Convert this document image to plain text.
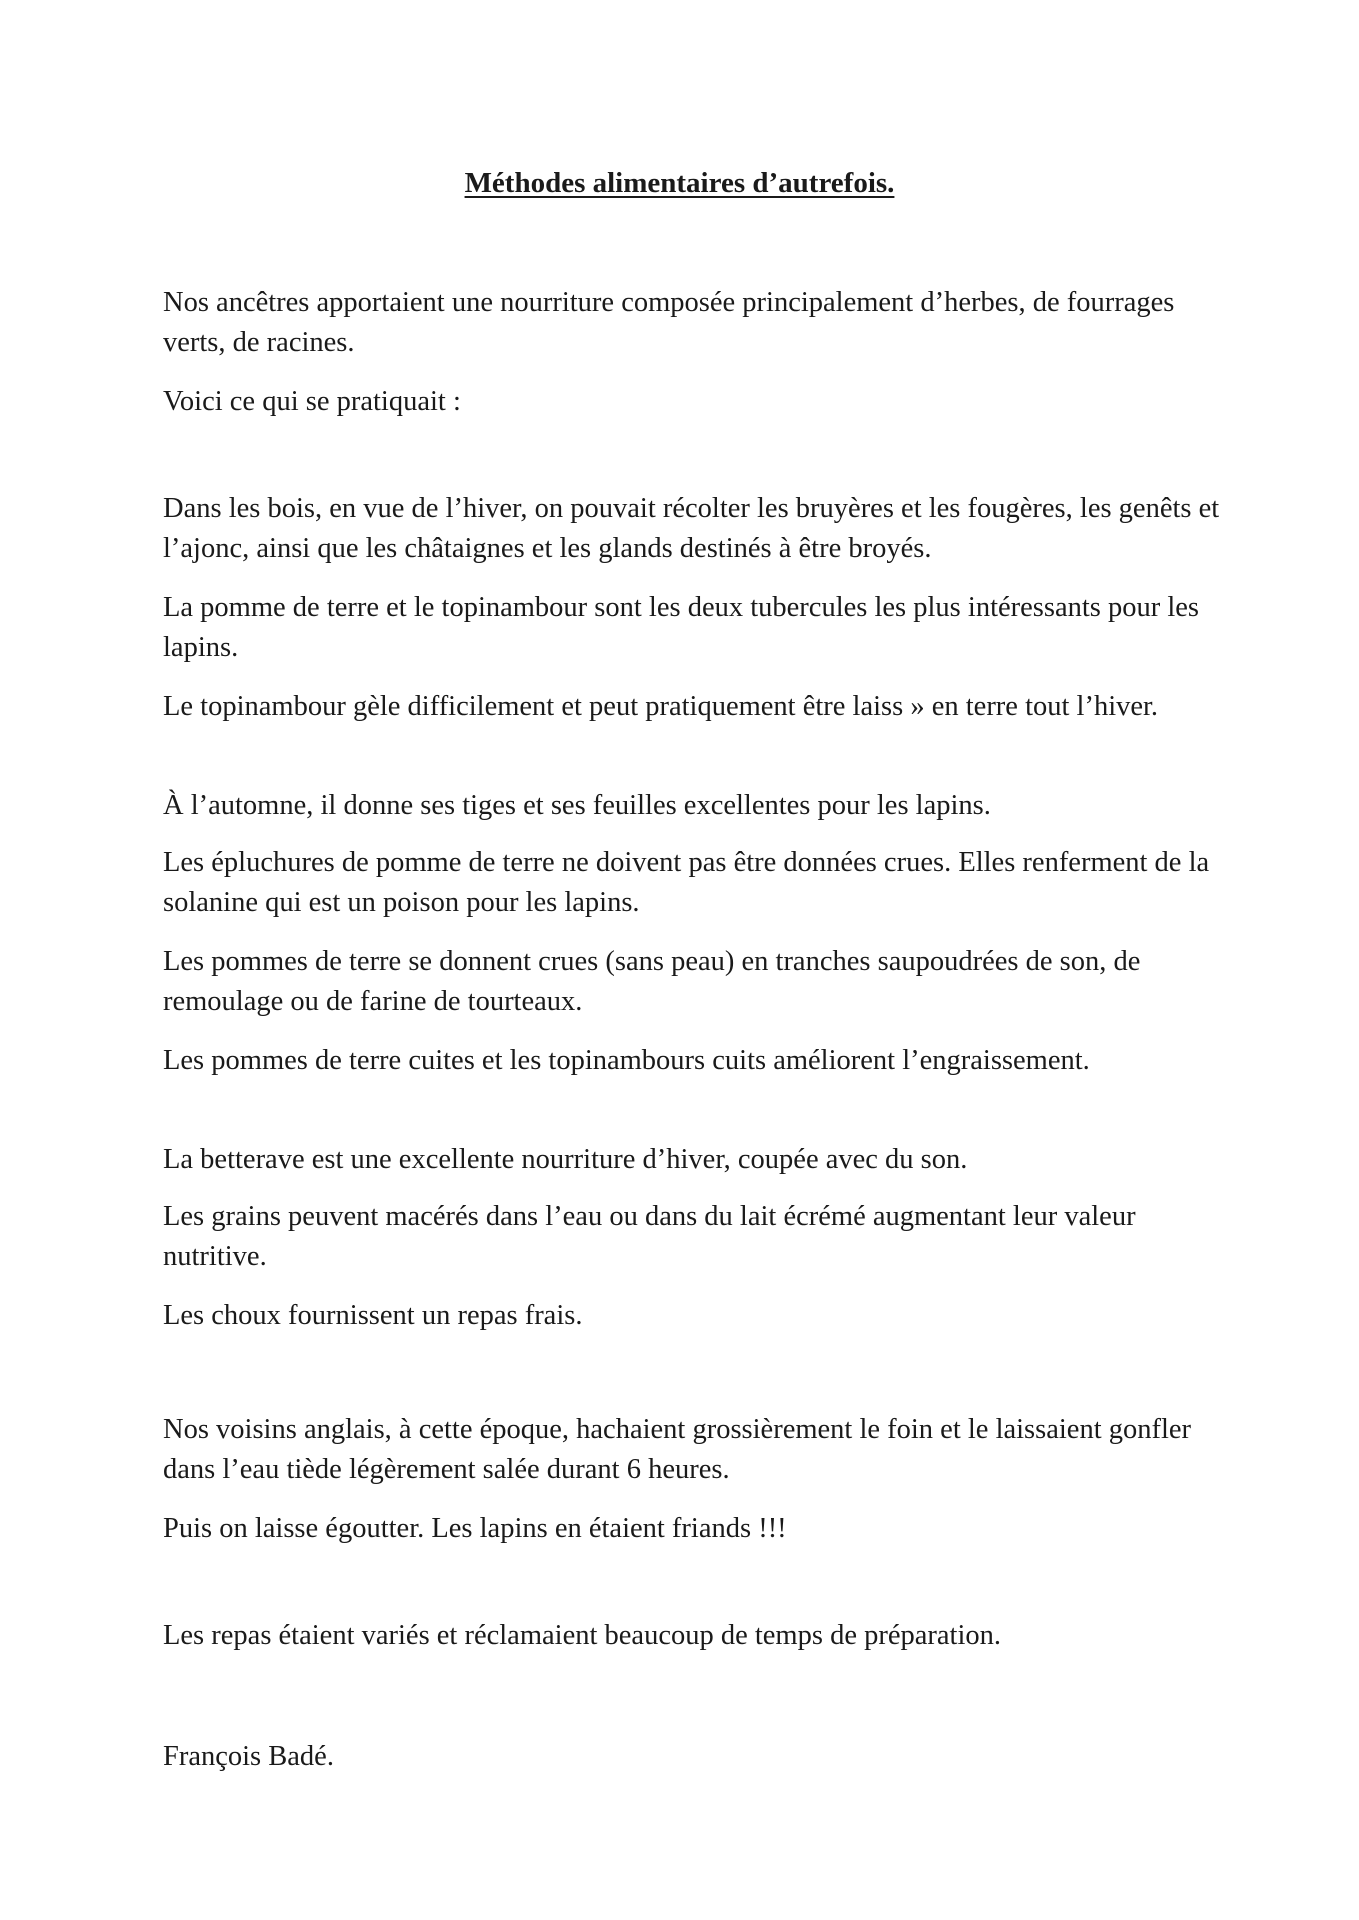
Méthodes alimentaires d’autrefois.

Nos ancêtres apportaient une nourriture composée principalement d’herbes, de fourrages verts, de racines.

Voici ce qui se pratiquait :

Dans les bois, en vue de l’hiver, on pouvait récolter les bruyères et les fougères, les genêts et l’ajonc, ainsi que les châtaignes et les glands destinés à être broyés.

La pomme de terre et le topinambour sont les deux tubercules les plus intéressants pour les lapins.

Le topinambour gèle difficilement et peut pratiquement être laiss » en terre tout l’hiver.

À l’automne, il donne ses tiges et ses feuilles excellentes pour les lapins.

Les épluchures de pomme de terre ne doivent pas être données crues. Elles renferment de la solanine qui est un poison pour les lapins.

Les pommes de terre se donnent crues (sans peau) en tranches saupoudrées de son, de remoulage ou de farine de tourteaux.

Les pommes de terre cuites et les topinambours cuits améliorent l’engraissement.

La betterave est une excellente nourriture d’hiver, coupée avec du son.

Les grains peuvent macérés dans l’eau ou dans du lait écrémé augmentant leur valeur nutritive.

Les choux fournissent un repas frais.

Nos voisins anglais, à cette époque, hachaient grossièrement le foin et le laissaient gonfler dans l’eau tiède légèrement salée durant 6 heures.

Puis on laisse égoutter. Les lapins en étaient friands !!!

Les repas étaient variés et réclamaient beaucoup de temps de préparation.

François Badé.
